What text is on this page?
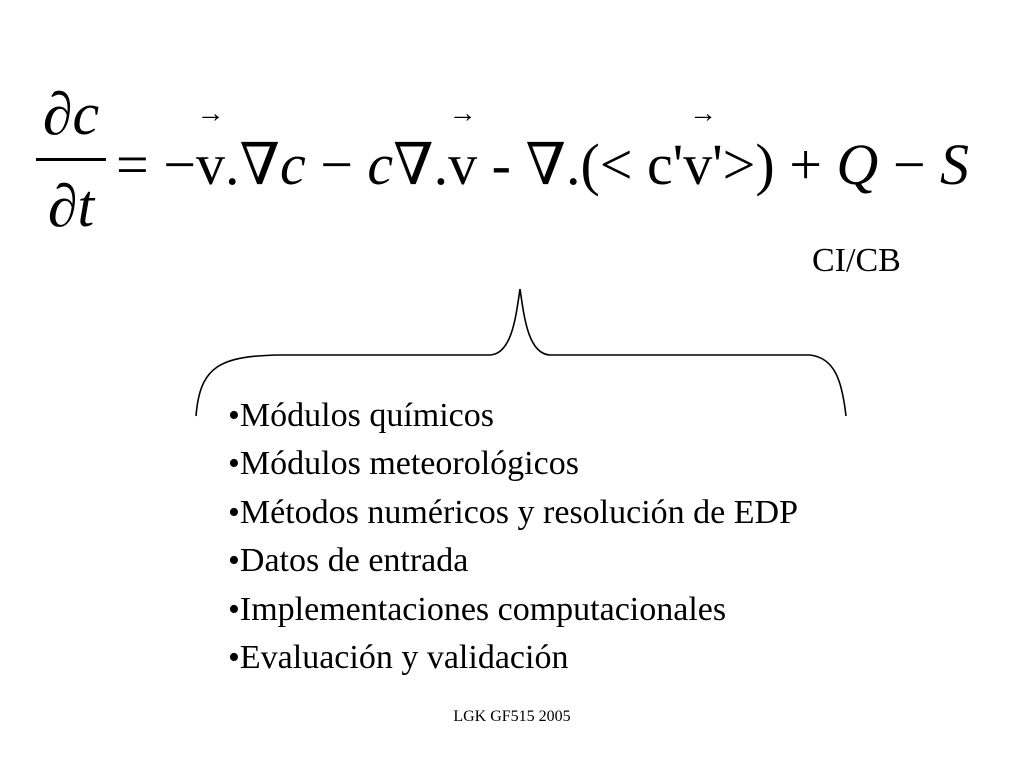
∂c
∂t
= −
→
v.∇c − c∇.
→
v - ∇.(< c'
→
v'>) + Q − S
CI/CB
•Módulos químicos
•Módulos meteorológicos
•Métodos numéricos y resolución de EDP
•Datos de entrada
•Implementaciones computacionales
•Evaluación y validación
LGK GF515 2005
